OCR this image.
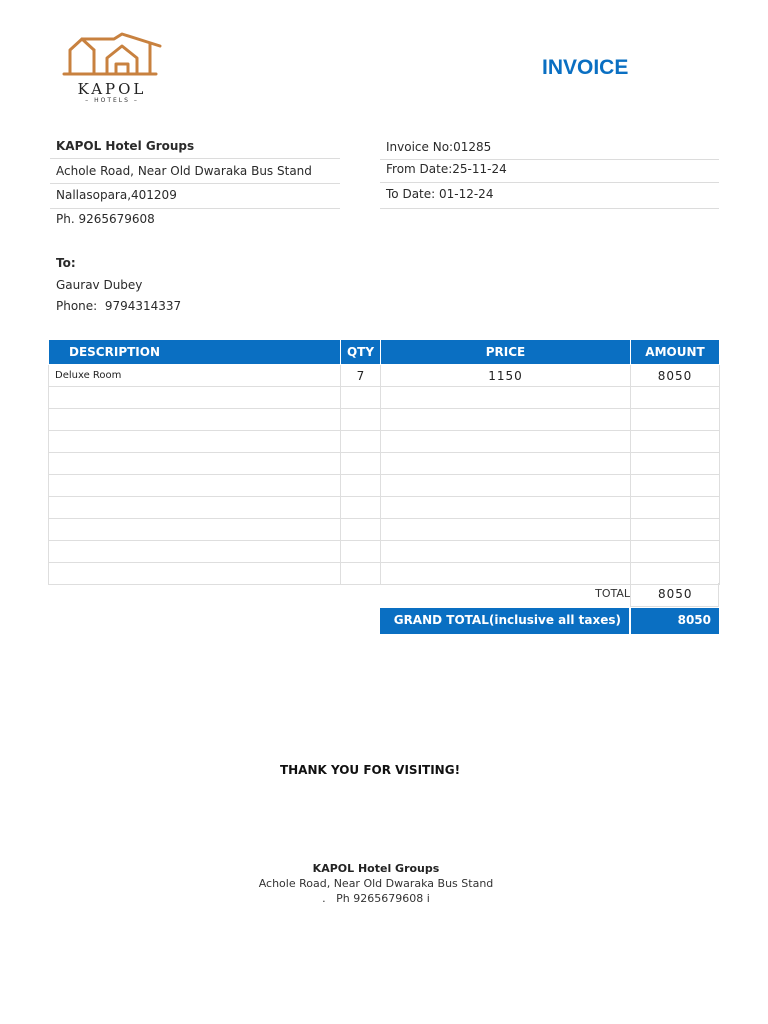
KAPOL
– HOTELS –
INVOICE
KAPOL Hotel Groups
Achole Road, Near Old Dwaraka Bus Stand
Nallasopara,401209
Ph. 9265679608
Invoice No:01285
From Date:25-11-24
To Date: 01-12-24
To:
Gaurav Dubey
Phone:  9794314337
DESCRIPTION	QTY	PRICE	AMOUNT
Deluxe Room	7	1150	8050

TOTAL	8050
GRAND TOTAL(inclusive all taxes)	8050
THANK YOU FOR VISITING!
KAPOL Hotel Groups
Achole Road, Near Old Dwaraka Bus Stand
.   Ph 9265679608 i
